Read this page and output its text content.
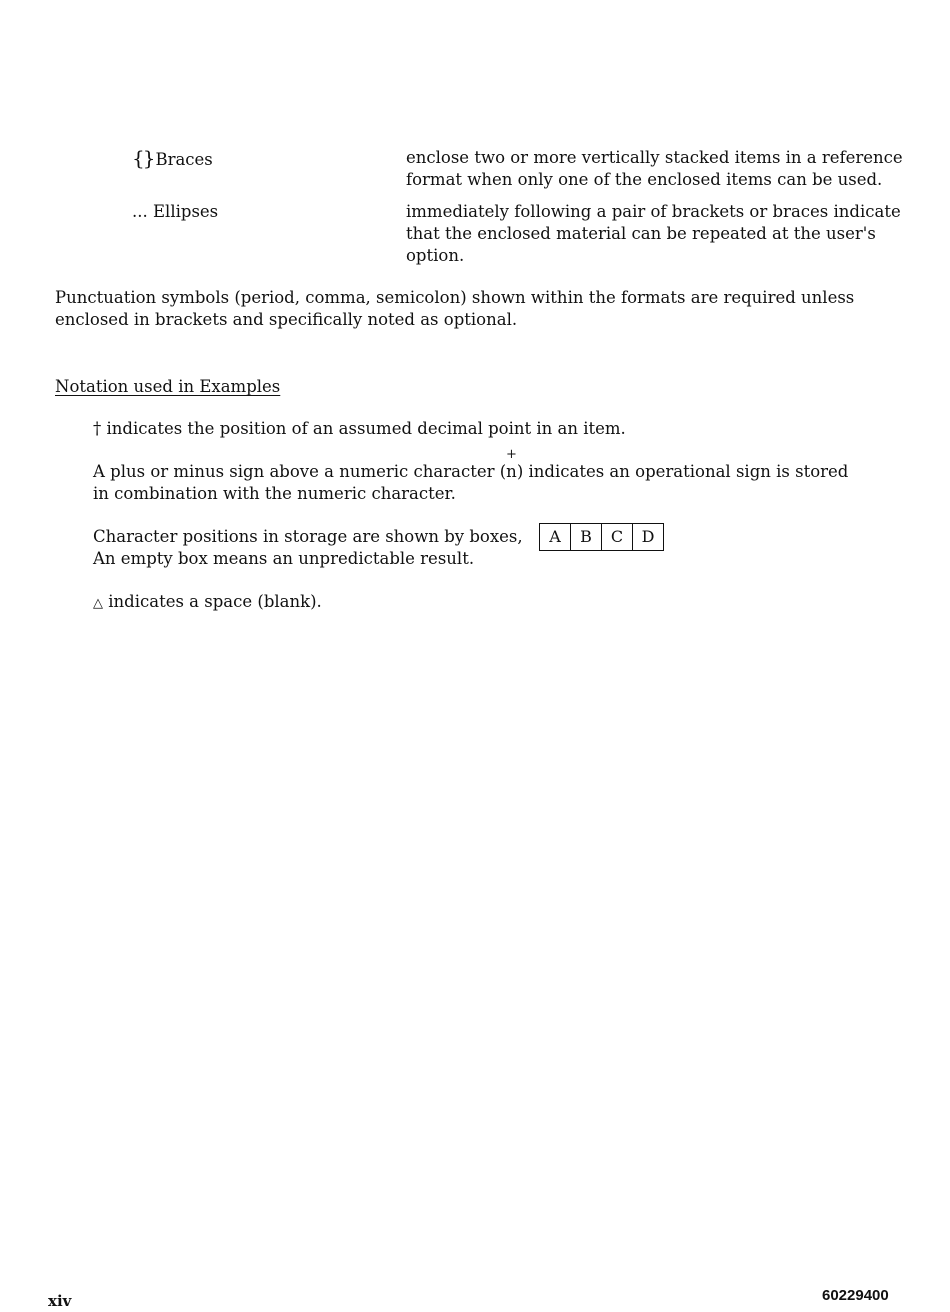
{} Braces	enclose two or more vertically stacked items in a reference
format when only one of the enclosed items can be used.
... Ellipses	immediately following a pair of brackets or braces indicate
that the enclosed material can be repeated at the user's
option.
Punctuation symbols (period, comma, semicolon) shown within the formats are required unless
enclosed in brackets and specifically noted as optional.
Notation used in Examples
† indicates the position of an assumed decimal point in an item.
A plus or minus sign above a numeric character (
+
n) indicates an operational sign is stored
in combination with the numeric character.
Character positions in storage are shown by boxes,	A	B	C	D
An empty box means an unpredictable result.
△ indicates a space (blank).
xiv	60229400
